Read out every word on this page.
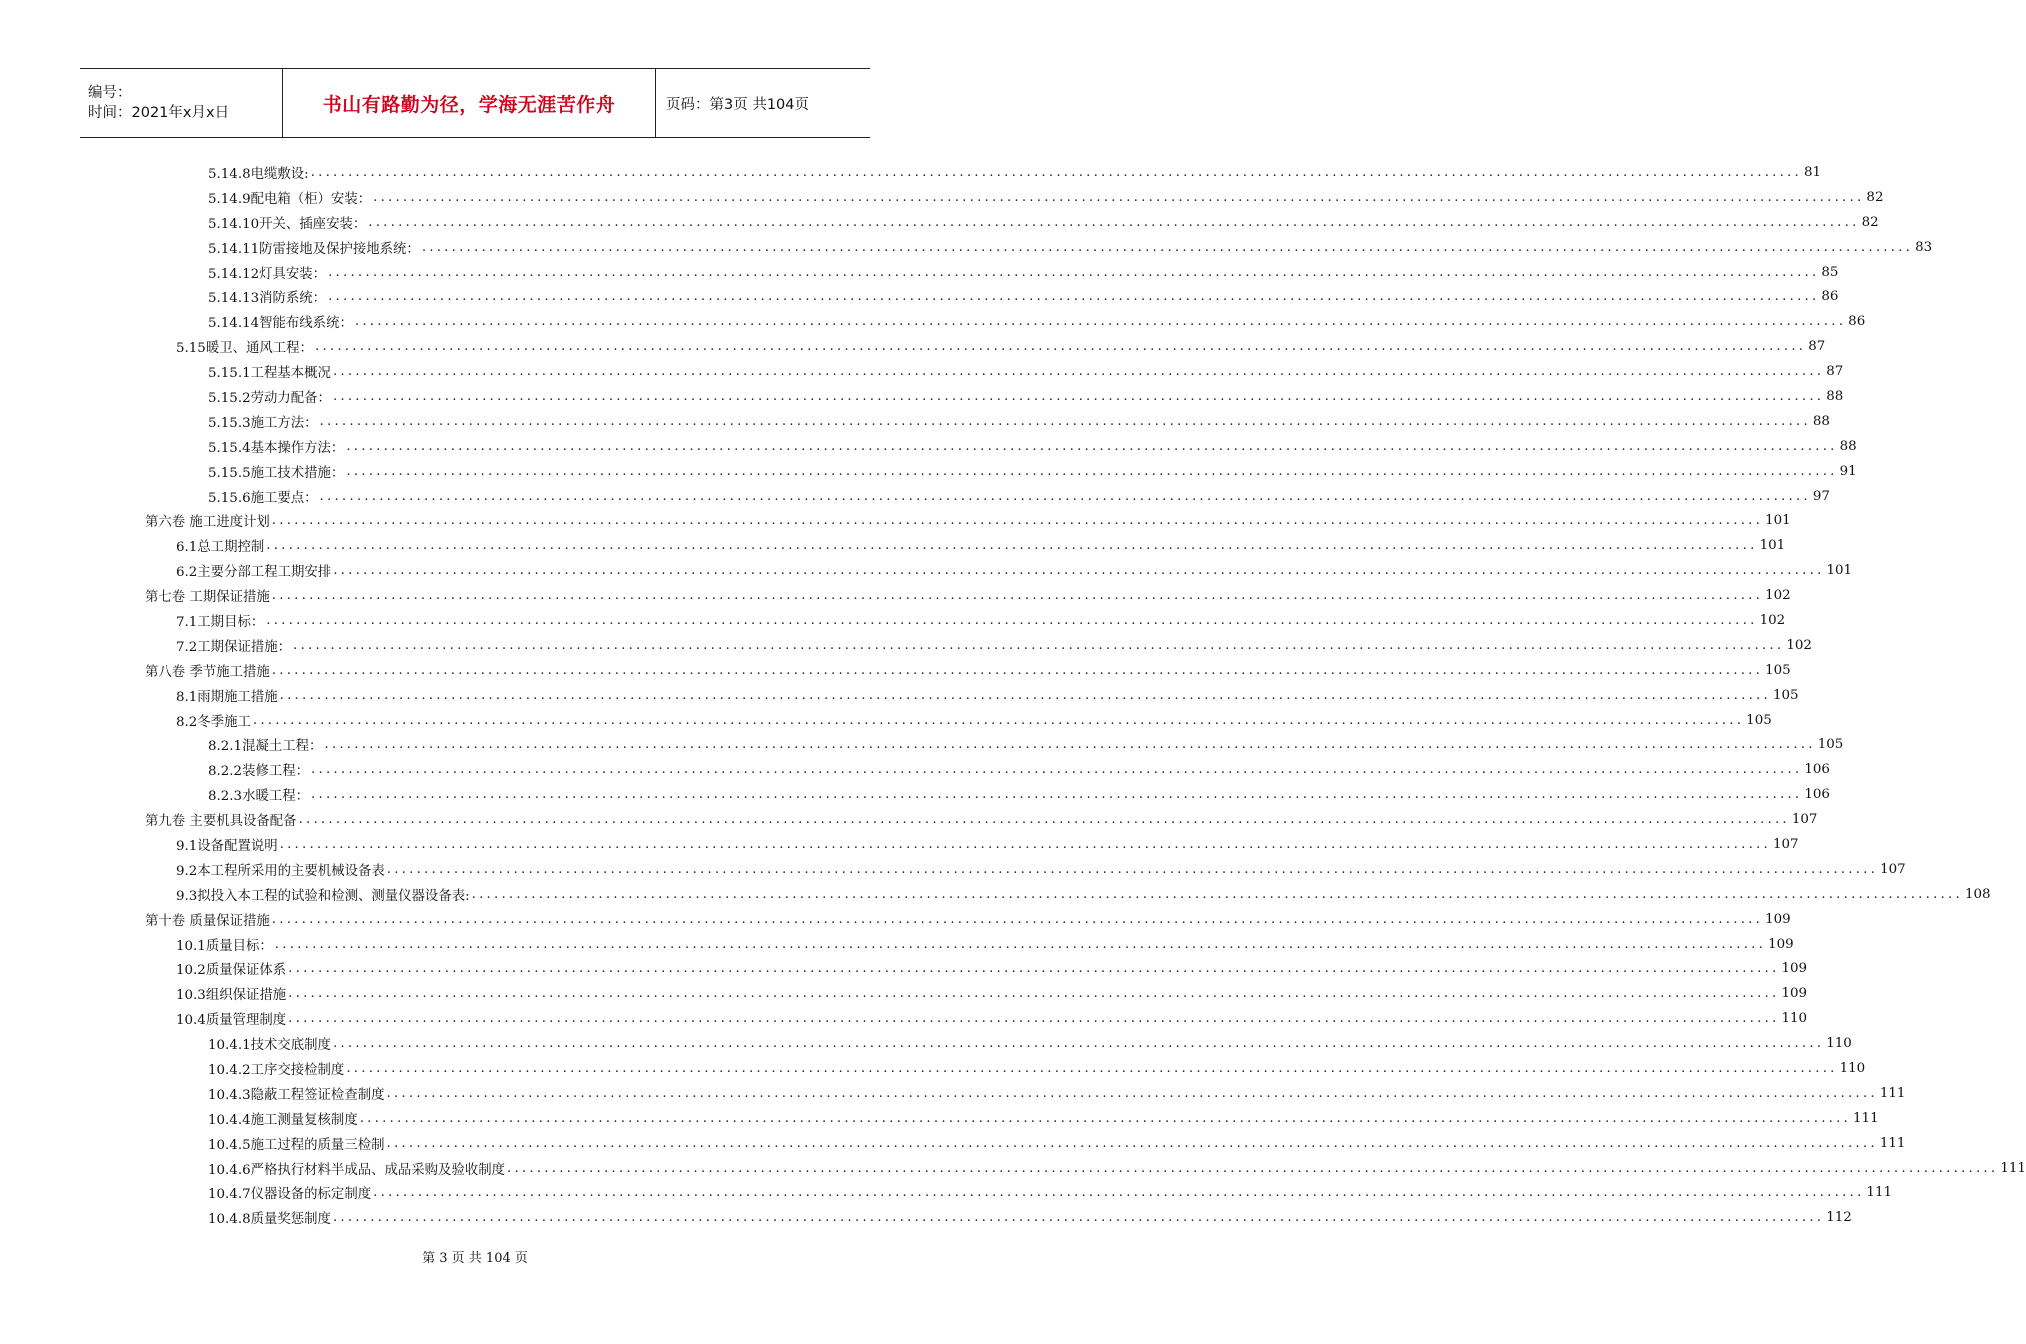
编号：
时间：2021年x月x日	书山有路勤为径，学海无涯苦作舟	页码：第3页 共104页
5.14.8电缆敷设: ........................................................................................................................................................................................................ 81
5.14.9配电箱（柜）安装： ........................................................................................................................................................................................................ 82
5.14.10开关、插座安装： ........................................................................................................................................................................................................ 82
5.14.11防雷接地及保护接地系统： ........................................................................................................................................................................................................ 83
5.14.12灯具安装： ........................................................................................................................................................................................................ 85
5.14.13消防系统： ........................................................................................................................................................................................................ 86
5.14.14智能布线系统： ........................................................................................................................................................................................................ 86
5.15暖卫、通风工程： ........................................................................................................................................................................................................ 87
5.15.1工程基本概况 ........................................................................................................................................................................................................ 87
5.15.2劳动力配备： ........................................................................................................................................................................................................ 88
5.15.3施工方法： ........................................................................................................................................................................................................ 88
5.15.4基本操作方法： ........................................................................................................................................................................................................ 88
5.15.5施工技术措施： ........................................................................................................................................................................................................ 91
5.15.6施工要点： ........................................................................................................................................................................................................ 97
第六卷 施工进度计划 ........................................................................................................................................................................................................ 101
6.1总工期控制 ........................................................................................................................................................................................................ 101
6.2主要分部工程工期安排 ........................................................................................................................................................................................................ 101
第七卷 工期保证措施 ........................................................................................................................................................................................................ 102
7.1工期目标： ........................................................................................................................................................................................................ 102
7.2工期保证措施： ........................................................................................................................................................................................................ 102
第八卷 季节施工措施 ........................................................................................................................................................................................................ 105
8.1雨期施工措施 ........................................................................................................................................................................................................ 105
8.2冬季施工 ........................................................................................................................................................................................................ 105
8.2.1混凝土工程： ........................................................................................................................................................................................................ 105
8.2.2装修工程： ........................................................................................................................................................................................................ 106
8.2.3水暖工程： ........................................................................................................................................................................................................ 106
第九卷 主要机具设备配备 ........................................................................................................................................................................................................ 107
9.1设备配置说明 ........................................................................................................................................................................................................ 107
9.2本工程所采用的主要机械设备表 ........................................................................................................................................................................................................ 107
9.3拟投入本工程的试验和检测、测量仪器设备表: ........................................................................................................................................................................................................ 108
第十卷 质量保证措施 ........................................................................................................................................................................................................ 109
10.1质量目标： ........................................................................................................................................................................................................ 109
10.2质量保证体系 ........................................................................................................................................................................................................ 109
10.3组织保证措施 ........................................................................................................................................................................................................ 109
10.4质量管理制度 ........................................................................................................................................................................................................ 110
10.4.1技术交底制度 ........................................................................................................................................................................................................ 110
10.4.2工序交接检制度 ........................................................................................................................................................................................................ 110
10.4.3隐蔽工程签证检查制度 ........................................................................................................................................................................................................ 111
10.4.4施工测量复核制度 ........................................................................................................................................................................................................ 111
10.4.5施工过程的质量三检制 ........................................................................................................................................................................................................ 111
10.4.6严格执行材料半成品、成品采购及验收制度 ........................................................................................................................................................................................................ 111
10.4.7仪器设备的标定制度 ........................................................................................................................................................................................................ 111
10.4.8质量奖惩制度 ........................................................................................................................................................................................................ 112
第 3 页 共 104 页
